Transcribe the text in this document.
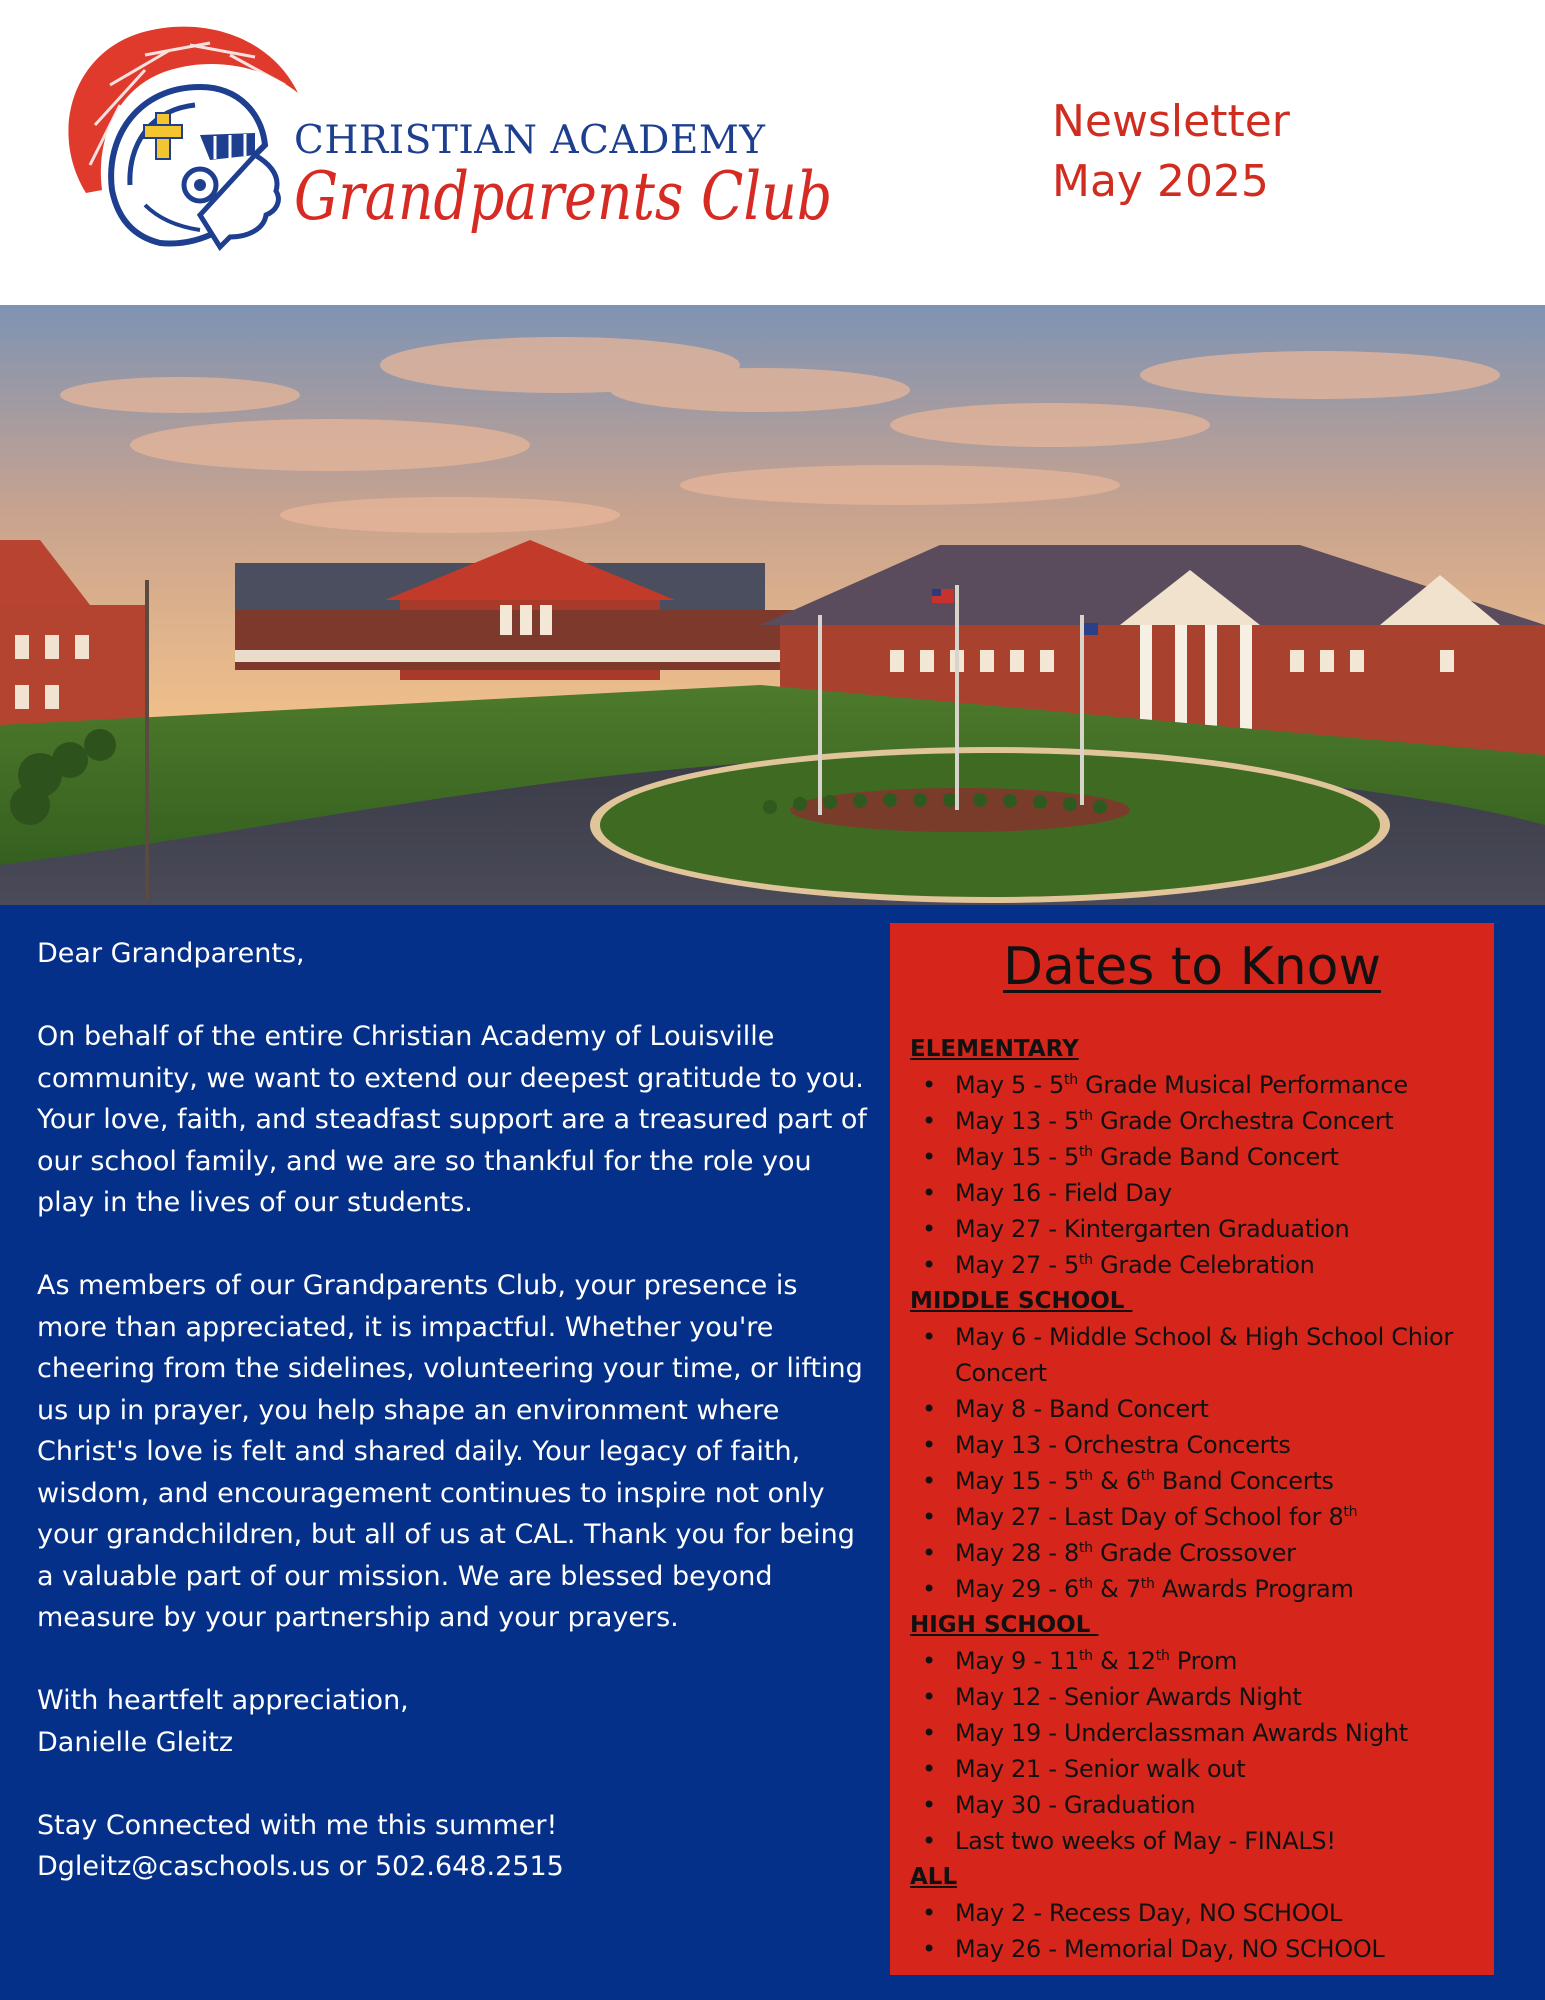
CHRISTIAN ACADEMY
Grandparents Club
Newsletter
May 2025

Dear Grandparents,

On behalf of the entire Christian Academy of Louisville community, we want to extend our deepest gratitude to you. Your love, faith, and steadfast support are a treasured part of our school family, and we are so thankful for the role you play in the lives of our students.

As members of our Grandparents Club, your presence is more than appreciated, it is impactful. Whether you're cheering from the sidelines, volunteering your time, or lifting us up in prayer, you help shape an environment where Christ's love is felt and shared daily. Your legacy of faith, wisdom, and encouragement continues to inspire not only your grandchildren, but all of us at CAL. Thank you for being a valuable part of our mission. We are blessed beyond measure by your partnership and your prayers.

With heartfelt appreciation,

Danielle Gleitz

Stay Connected with me this summer!

Dgleitz@caschools.us or 502.648.2515

Dates to Know
ELEMENTARY
• May 5 - 5th Grade Musical Performance
• May 13 - 5th Grade Orchestra Concert
• May 15 - 5th Grade Band Concert
• May 16 - Field Day
• May 27 - Kintergarten Graduation
• May 27 - 5th Grade Celebration
MIDDLE SCHOOL
• May 6 - Middle School & High School Chior Concert
• May 8 - Band Concert
• May 13 - Orchestra Concerts
• May 15 - 5th & 6th Band Concerts
• May 27 - Last Day of School for 8th
• May 28 - 8th Grade Crossover
• May 29 - 6th & 7th Awards Program
HIGH SCHOOL
• May 9 - 11th & 12th Prom
• May 12 - Senior Awards Night
• May 19 - Underclassman Awards Night
• May 21 - Senior walk out
• May 30 - Graduation
• Last two weeks of May - FINALS!
ALL
• May 2 - Recess Day, NO SCHOOL
• May 26 - Memorial Day, NO SCHOOL
